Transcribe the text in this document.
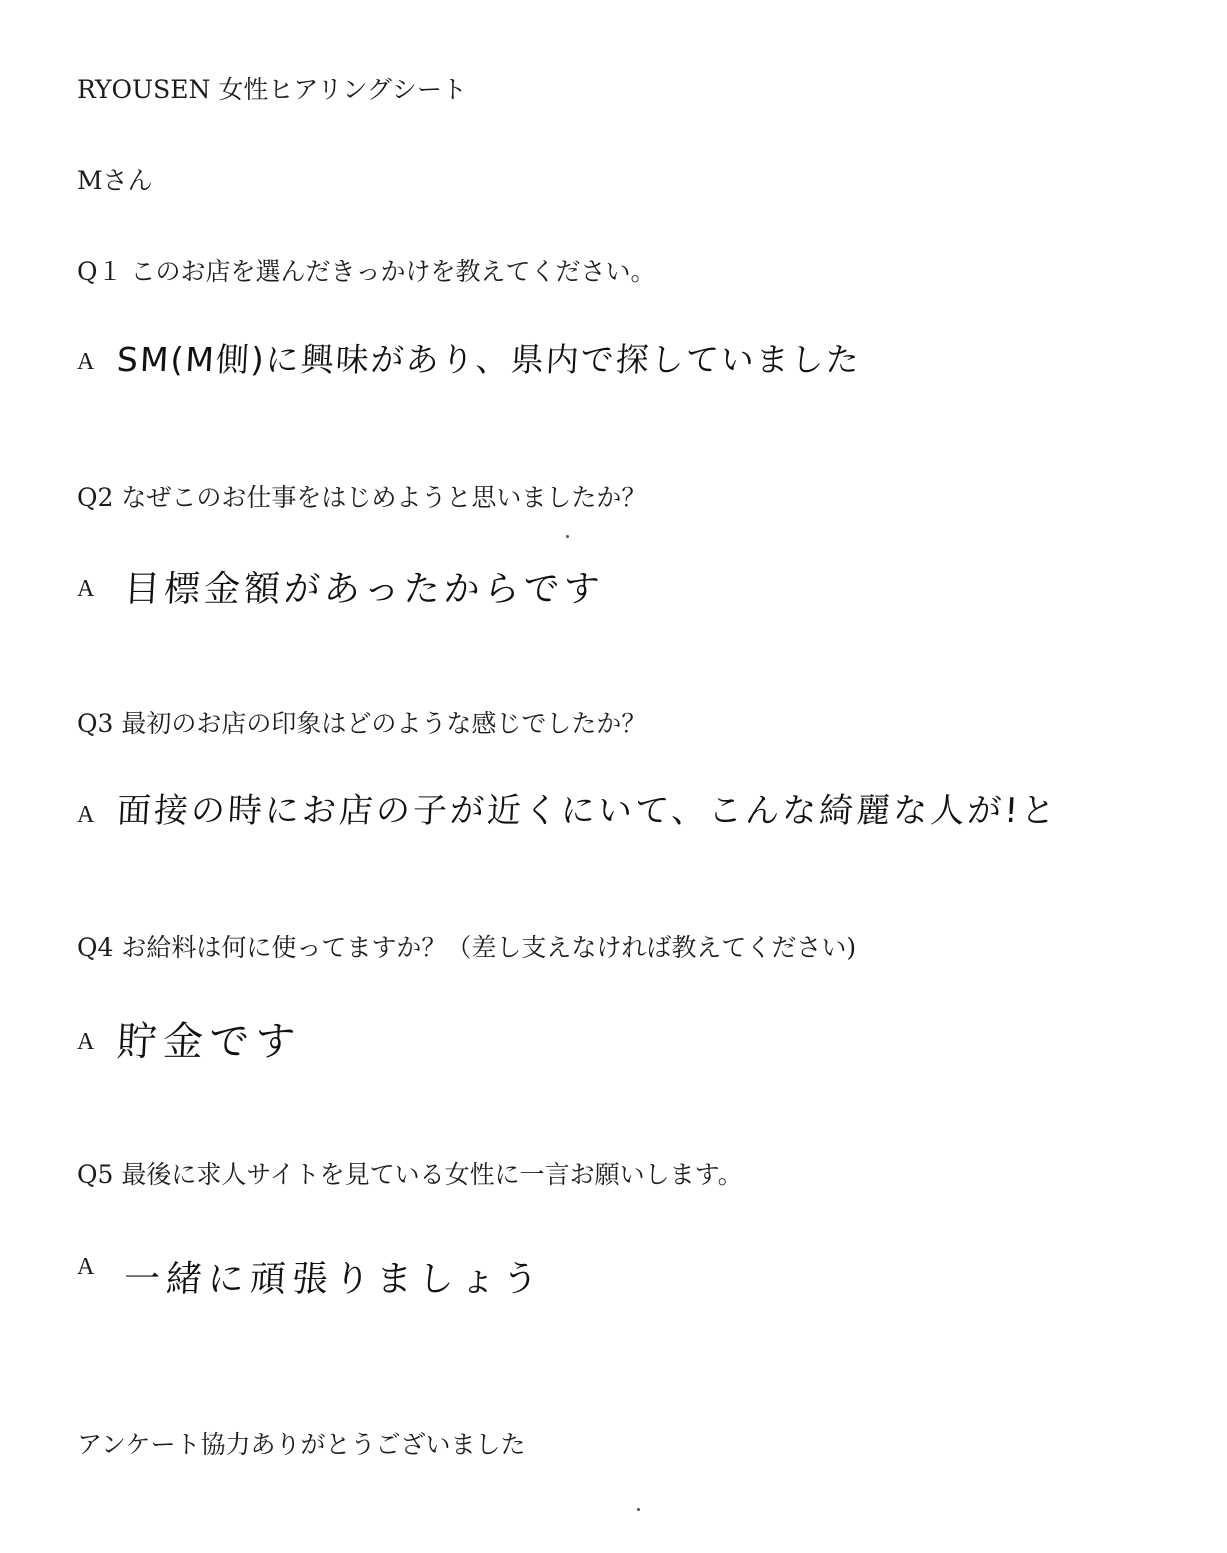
RYOUSEN 女性ヒアリングシート
Mさん
Q１ このお店を選んだきっかけを教えてください。
A SM(M側)に興味があり、県内で探していました
Q2 なぜこのお仕事をはじめようと思いましたか？
A 目標金額があったからです
Q3 最初のお店の印象はどのような感じでしたか？
A 面接の時にお店の子が近くにいて、こんな綺麗な人が!と
Q4 お給料は何に使ってますか？（差し支えなければ教えてください)
A 貯金です
Q5 最後に求人サイトを見ている女性に一言お願いします。
A 一緒に頑張りましょう
アンケート協力ありがとうございました
